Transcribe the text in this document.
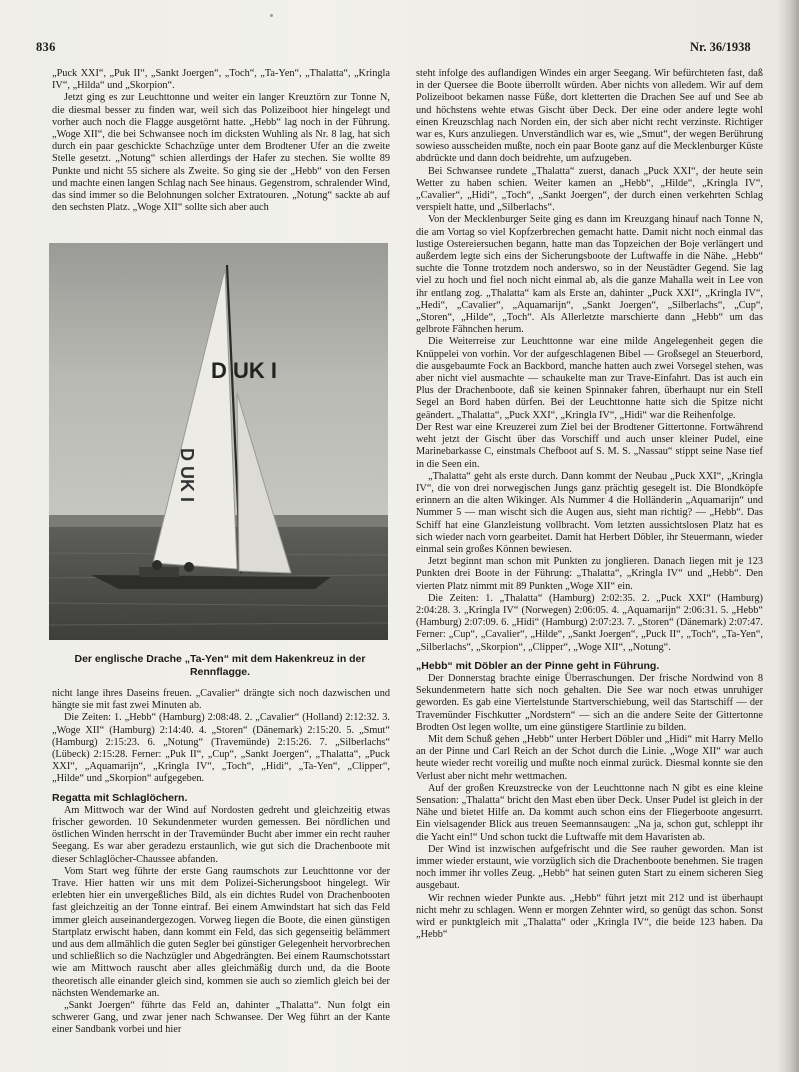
836	Nr. 36/1938

„Puck XXI“, „Puk II“, „Sankt Joergen“, „Toch“, „Ta-Yen“, „Thalatta“, „Kringla IV“, „Hilda“ und „Skorpion“.

Jetzt ging es zur Leuchttonne und weiter ein langer Kreuztörn zur Tonne N, die diesmal besser zu finden war, weil sich das Polizeiboot hier hingelegt und vorher auch noch die Flagge ausgetörnt hatte. „Hebb“ lag noch in der Führung. „Woge XII“, die bei Schwansee noch im dicksten Wuhling als Nr. 8 lag, hat sich durch ein paar geschickte Schachzüge unter dem Brodtener Ufer an die zweite Stelle gesetzt. „Notung“ schien allerdings der Hafer zu stechen. Sie wollte 89 Punkte und nicht 55 sichere als Zweite. So ging sie der „Hebb“ von den Fersen und machte einen langen Schlag nach See hinaus. Gegenstrom, schralender Wind, das sind immer so die Belohnungen solcher Extratouren. „Notung“ sackte ab auf den sechsten Platz. „Woge XII“ sollte sich aber auch

D UK I
D UK I
Der englische Drache „Ta-Yen“ mit dem Hakenkreuz in der Rennflagge.

nicht lange ihres Daseins freuen. „Cavalier“ drängte sich noch dazwischen und hängte sie mit fast zwei Minuten ab.

Die Zeiten: 1. „Hebb“ (Hamburg) 2:08:48. 2. „Cavalier“ (Holland) 2:12:32. 3. „Woge XII“ (Hamburg) 2:14:40. 4. „Storen“ (Dänemark) 2:15:20. 5. „Smut“ (Hamburg) 2:15:23. 6. „Notung“ (Travemünde) 2:15:26. 7. „Silberlachs“ (Lübeck) 2:15:28. Ferner: „Puk II“, „Cup“, „Sankt Joergen“, „Thalatta“, „Puck XXI“, „Aquamarijn“, „Kringla IV“, „Toch“, „Hidi“, „Ta-Yen“, „Clipper“, „Hilde“ und „Skorpion“ aufgegeben.

Regatta mit Schlaglöchern.

Am Mittwoch war der Wind auf Nordosten gedreht und gleichzeitig etwas frischer geworden. 10 Sekundenmeter wurden gemessen. Bei nördlichen und östlichen Winden herrscht in der Travemünder Bucht aber immer ein recht rauher Seegang. Es war aber geradezu erstaunlich, wie gut sich die Drachenboote mit dieser Schlaglöcher-Chaussee abfanden.

Vom Start weg führte der erste Gang raumschots zur Leuchttonne vor der Trave. Hier hatten wir uns mit dem Polizei-Sicherungsboot hingelegt. Wir erlebten hier ein unvergeßliches Bild, als ein dichtes Rudel von Drachenbooten fast gleichzeitig an der Tonne eintraf. Bei einem Amwindstart hat sich das Feld immer gleich auseinandergezogen. Vorweg liegen die Boote, die einen günstigen Startplatz erwischt haben, dann kommt ein Feld, das sich gegenseitig belämmert und aus dem allmählich die guten Segler bei günstiger Gelegenheit hervorbrechen und schließlich so die Nachzügler und Abgedrängten. Bei einem Raumschotsstart wie am Mittwoch rauscht aber alles gleichmäßig durch und, da die Boote theoretisch alle einander gleich sind, kommen sie auch so ziemlich gleich bei der nächsten Wendemarke an.

„Sankt Joergen“ führte das Feld an, dahinter „Thalatta“. Nun folgt ein schwerer Gang, und zwar jener nach Schwansee. Der Weg führt an der Kante einer Sandbank vorbei und hier

steht infolge des auflandigen Windes ein arger Seegang. Wir befürchteten fast, daß in der Quersee die Boote überrollt würden. Aber nichts von alledem. Wir auf dem Polizeiboot bekamen nasse Füße, dort kletterten die Drachen See auf und See ab und höchstens wehte etwas Gischt über Deck. Der eine oder andere legte wohl einen Kreuzschlag nach Norden ein, der sich aber nicht recht verzinste. Richtiger war es, Kurs anzuliegen. Unverständlich war es, wie „Smut“, der wegen Berührung sowieso ausscheiden mußte, noch ein paar Boote ganz auf die Mecklenburger Küste abdrückte und dann doch beidrehte, um aufzugeben.

Bei Schwansee rundete „Thalatta“ zuerst, danach „Puck XXI“, der heute sein Wetter zu haben schien. Weiter kamen an „Hebb“, „Hilde“, „Kringla IV“, „Cavalier“, „Hidi“, „Toch“, „Sankt Joergen“, der durch einen verkehrten Schlag verspielt hatte, und „Silberlachs“.

Von der Mecklenburger Seite ging es dann im Kreuzgang hinauf nach Tonne N, die am Vortag so viel Kopfzerbrechen gemacht hatte. Damit nicht noch einmal das lustige Ostereiersuchen begann, hatte man das Topzeichen der Boje verlängert und außerdem legte sich eins der Sicherungsboote der Luftwaffe in die Nähe. „Hebb“ suchte die Tonne trotzdem noch anderswo, so in der Neustädter Gegend. Sie lag viel zu hoch und fiel noch nicht einmal ab, als die ganze Mahalla weit in Lee von ihr entlang zog. „Thalatta“ kam als Erste an, dahinter „Puck XXI“, „Kringla IV“, „Hedi“, „Cavalier“, „Aquamarijn“, „Sankt Joergen“, „Silberlachs“, „Cup“, „Storen“, „Hilde“, „Toch“. Als Allerletzte marschierte dann „Hebb“ um das gelbrote Fähnchen herum.

Die Weiterreise zur Leuchttonne war eine milde Angelegenheit gegen die Knüppelei von vorhin. Vor der aufgeschlagenen Bibel — Großsegel an Steuerbord, die ausgebaumte Fock an Backbord, manche hatten auch zwei Vorsegel stehen, was aber nicht viel ausmachte — schaukelte man zur Trave-Einfahrt. Das ist auch ein Plus der Drachenboote, daß sie keinen Spinnaker fahren, überhaupt nur ein Stell Segel an Bord haben dürfen. Bei der Leuchttonne hatte sich die Spitze nicht geändert. „Thalatta“, „Puck XXI“, „Kringla IV“, „Hidi“ war die Reihenfolge.

Der Rest war eine Kreuzerei zum Ziel bei der Brodtener Gittertonne. Fortwährend weht jetzt der Gischt über das Vorschiff und auch unser kleiner Pudel, eine Marinebarkasse C, einstmals Chefboot auf S. M. S. „Nassau“ stippt seine Nase tief in die Seen ein.

„Thalatta“ geht als erste durch. Dann kommt der Neubau „Puck XXI“, „Kringla IV“, die von drei norwegischen Jungs ganz prächtig gesegelt ist. Die Blondköpfe erinnern an die alten Wikinger. Als Nummer 4 die Holländerin „Aquamarijn“ und Nummer 5 — man wischt sich die Augen aus, sieht man richtig? — „Hebb“. Das Schiff hat eine Glanzleistung vollbracht. Vom letzten aussichtslosen Platz hat es sich wieder nach vorn gearbeitet. Damit hat Herbert Döbler, ihr Steuermann, wieder einmal sein großes Können bewiesen.

Jetzt beginnt man schon mit Punkten zu jonglieren. Danach liegen mit je 123 Punkten drei Boote in der Führung: „Thalatta“, „Kringla IV“ und „Hebb“. Den vierten Platz nimmt mit 89 Punkten „Woge XII“ ein.

Die Zeiten: 1. „Thalatta“ (Hamburg) 2:02:35. 2. „Puck XXI“ (Hamburg) 2:04:28. 3. „Kringla IV“ (Norwegen) 2:06:05. 4. „Aquamarijn“ 2:06:31. 5. „Hebb“ (Hamburg) 2:07:09. 6. „Hidi“ (Hamburg) 2:07:23. 7. „Storen“ (Dänemark) 2:07:47. Ferner: „Cup“, „Cavalier“, „Hilde“, „Sankt Joergen“, „Puck II“, „Toch“, „Ta-Yen“, „Silberlachs“, „Skorpion“, „Clipper“, „Woge XII“, „Notung“.

„Hebb“ mit Döbler an der Pinne geht in Führung.

Der Donnerstag brachte einige Überraschungen. Der frische Nordwind von 8 Sekundenmetern hatte sich noch gehalten. Die See war noch etwas unruhiger geworden. Es gab eine Viertelstunde Startverschiebung, weil das Startschiff — der Travemünder Fischkutter „Nordstern“ — sich an die andere Seite der Gittertonne Brodten Ost legen wollte, um eine günstigere Startlinie zu bilden.

Mit dem Schuß gehen „Hebb“ unter Herbert Döbler und „Hidi“ mit Harry Mello an der Pinne und Carl Reich an der Schot durch die Linie. „Woge XII“ war auch heute wieder recht voreilig und mußte noch einmal zurück. Diesmal konnte sie den Verlust aber nicht mehr wettmachen.

Auf der großen Kreuzstrecke von der Leuchttonne nach N gibt es eine kleine Sensation: „Thalatta“ bricht den Mast eben über Deck. Unser Pudel ist gleich in der Nähe und bietet Hilfe an. Da kommt auch schon eins der Fliegerboote angesurrt. Ein vielsagender Blick aus treuen Seemannsaugen: „Na ja, schon gut, schleppt ihr die Yacht ein!“ Und schon tuckt die Luftwaffe mit dem Havaristen ab.

Der Wind ist inzwischen aufgefrischt und die See rauher geworden. Man ist immer wieder erstaunt, wie vorzüglich sich die Drachenboote benehmen. Sie tragen noch immer ihr volles Zeug. „Hebb“ hat seinen guten Start zu einem sicheren Sieg ausgebaut.

Wir rechnen wieder Punkte aus. „Hebb“ führt jetzt mit 212 und ist überhaupt nicht mehr zu schlagen. Wenn er morgen Zehnter wird, so genügt das schon. Sonst wird er punktgleich mit „Thalatta“ oder „Kringla IV“, die beide 123 haben. Da „Hebb“
